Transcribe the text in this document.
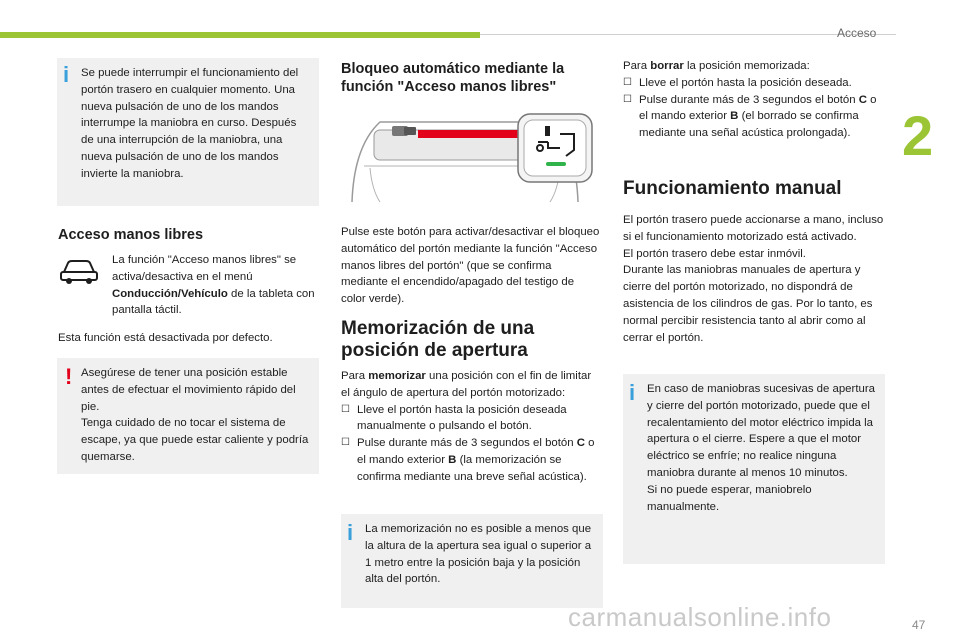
Acceso
2
i Se puede interrumpir el funcionamiento del portón trasero en cualquier momento. Una nueva pulsación de uno de los mandos interrumpe la maniobra en curso. Después de una interrupción de la maniobra, una nueva pulsación de uno de los mandos invierte la maniobra.

Acceso manos libres

La función "Acceso manos libres" se activa/desactiva en el menú Conducción/Vehículo de la tableta con pantalla táctil.

Esta función está desactivada por defecto.

! Asegúrese de tener una posición estable antes de efectuar el movimiento rápido del pie.
Tenga cuidado de no tocar el sistema de escape, ya que puede estar caliente y podría quemarse.

Bloqueo automático mediante la función "Acceso manos libres"

Pulse este botón para activar/desactivar el bloqueo automático del portón mediante la función "Acceso manos libres del portón" (que se confirma mediante el encendido/apagado del testigo de color verde).

Memorización de una posición de apertura
Para memorizar una posición con el fin de limitar el ángulo de apertura del portón motorizado:
☐ Lleve el portón hasta la posición deseada manualmente o pulsando el botón.
☐ Pulse durante más de 3 segundos el botón C o el mando exterior B (la memorización se confirma mediante una breve señal acústica).
i La memorización no es posible a menos que la altura de la apertura sea igual o superior a 1 metro entre la posición baja y la posición alta del portón.

Para borrar la posición memorizada:
☐ Lleve el portón hasta la posición deseada.
☐ Pulse durante más de 3 segundos el botón C o el mando exterior B (el borrado se confirma mediante una señal acústica prolongada).
Funcionamiento manual

El portón trasero puede accionarse a mano, incluso si el funcionamiento motorizado está activado.
El portón trasero debe estar inmóvil.
Durante las maniobras manuales de apertura y cierre del portón motorizado, no dispondrá de asistencia de los cilindros de gas. Por lo tanto, es normal percibir resistencia tanto al abrir como al cerrar el portón.

i En caso de maniobras sucesivas de apertura y cierre del portón motorizado, puede que el recalentamiento del motor eléctrico impida la apertura o el cierre. Espere a que el motor eléctrico se enfríe; no realice ninguna maniobra durante al menos 10 minutos.
Si no puede esperar, maniobrelo manualmente.

carmanualsonline.info	47
